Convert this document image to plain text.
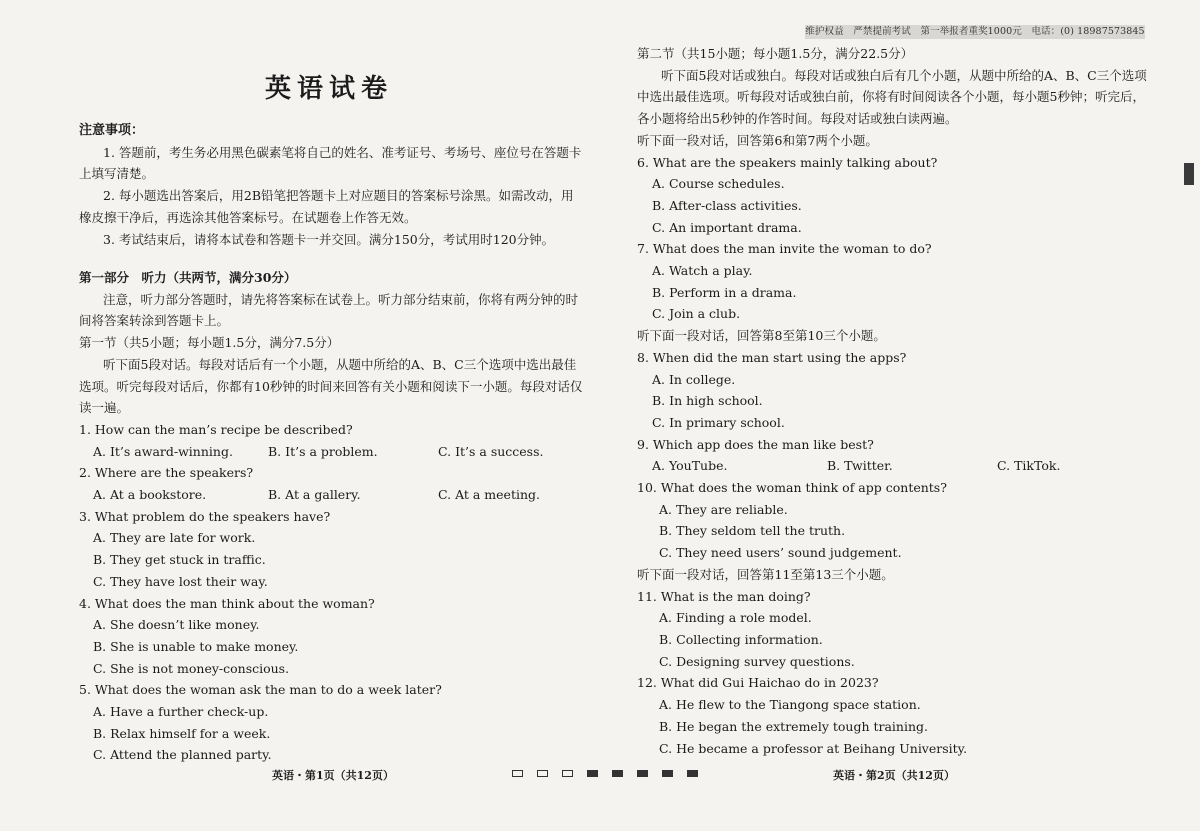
维护权益　严禁提前考试　第一举报者重奖1000元　电话：(0) 18987573845
英语试卷
注意事项：

1. 答题前，考生务必用黑色碳素笔将自己的姓名、准考证号、考场号、座位号在答题卡上填写清楚。

2. 每小题选出答案后，用2B铅笔把答题卡上对应题目的答案标号涂黑。如需改动，用橡皮擦干净后，再选涂其他答案标号。在试题卷上作答无效。

3. 考试结束后，请将本试卷和答题卡一并交回。满分150分，考试用时120分钟。

第一部分　听力（共两节，满分30分）

注意，听力部分答题时，请先将答案标在试卷上。听力部分结束前，你将有两分钟的时间将答案转涂到答题卡上。

第一节（共5小题；每小题1.5分，满分7.5分）

听下面5段对话。每段对话后有一个小题，从题中所给的A、B、C三个选项中选出最佳选项。听完每段对话后，你都有10秒钟的时间来回答有关小题和阅读下一小题。每段对话仅读一遍。

1. How can the man’s recipe be described?

A. It’s award-winning.	B. It’s a problem.	C. It’s a success.

2. Where are the speakers?

A. At a bookstore.	B. At a gallery.	C. At a meeting.

3. What problem do the speakers have?

A. They are late for work.

B. They get stuck in traffic.

C. They have lost their way.

4. What does the man think about the woman?

A. She doesn’t like money.

B. She is unable to make money.

C. She is not money-conscious.

5. What does the woman ask the man to do a week later?

A. Have a further check-up.

B. Relax himself for a week.

C. Attend the planned party.

英语・第1页（共12页）

第二节（共15小题；每小题1.5分，满分22.5分）

听下面5段对话或独白。每段对话或独白后有几个小题，从题中所给的A、B、C三个选项中选出最佳选项。听每段对话或独白前，你将有时间阅读各个小题，每小题5秒钟；听完后，各小题将给出5秒钟的作答时间。每段对话或独白读两遍。

听下面一段对话，回答第6和第7两个小题。

6. What are the speakers mainly talking about?

A. Course schedules.

B. After-class activities.

C. An important drama.

7. What does the man invite the woman to do?

A. Watch a play.

B. Perform in a drama.

C. Join a club.

听下面一段对话，回答第8至第10三个小题。

8. When did the man start using the apps?

A. In college.

B. In high school.

C. In primary school.

9. Which app does the man like best?

A. YouTube.	B. Twitter.	C. TikTok.

10. What does the woman think of app contents?

A. They are reliable.

B. They seldom tell the truth.

C. They need users’ sound judgement.

听下面一段对话，回答第11至第13三个小题。

11. What is the man doing?

A. Finding a role model.

B. Collecting information.

C. Designing survey questions.

12. What did Gui Haichao do in 2023?

A. He flew to the Tiangong space station.

B. He began the extremely tough training.

C. He became a professor at Beihang University.

英语・第2页（共12页）
